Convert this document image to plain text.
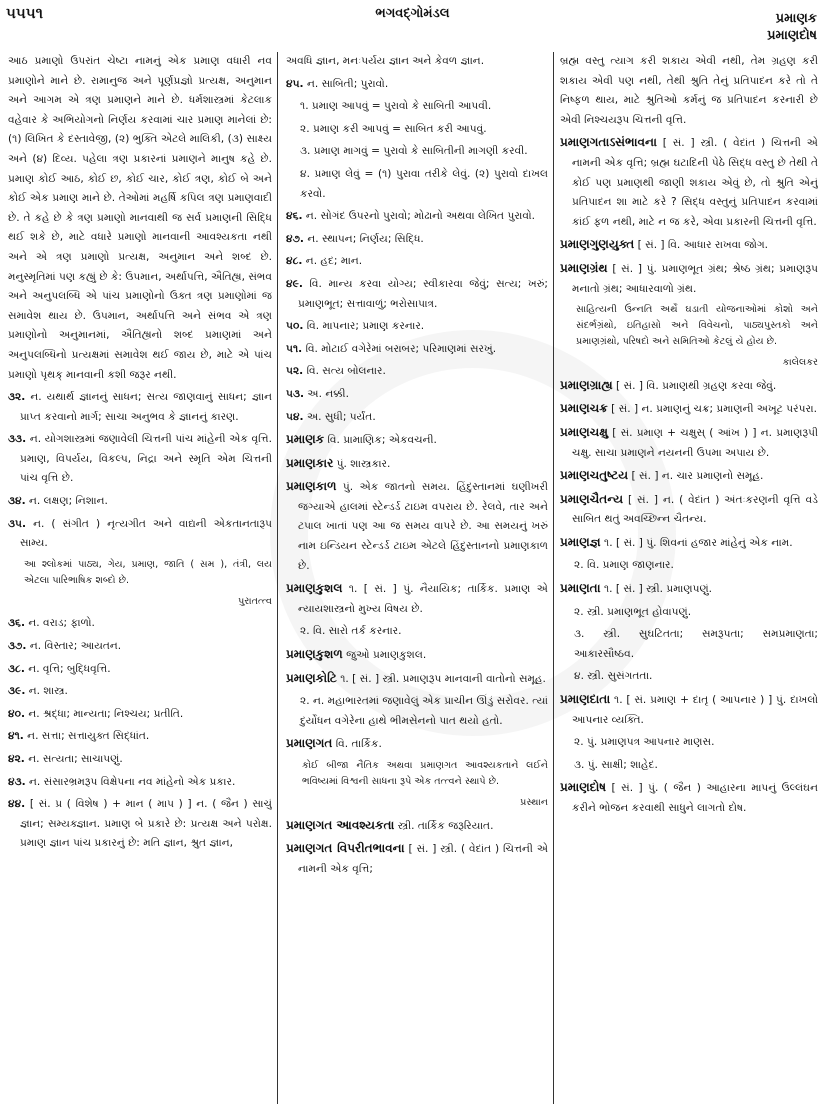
૫૫૫૧	ભગવદ્ગોમંડલ	પ્રમાણક
પ્રમાણદોષ

આઠ પ્રમાણો ઉપરાંત ચેષ્ટા નામનું એક પ્રમાણ વધારી નવ પ્રમાણોને માને છે. રામાનુજ અને પૂર્ણપ્રજ્ઞો પ્રત્યક્ષ, અનુમાન અને આગમ એ ત્રણ પ્રમાણને માને છે. ધર્મશાસ્ત્રમાં કેટલાક વહેવાર કે અભિયોગનો નિર્ણય કરવામાં ચાર પ્રમાણ માનેલાં છે: (૧) લિખિત કે દસ્તાવેજી, (૨) ભુક્તિ એટલે માલિકી, (૩) સાક્ષ્ય અને (૪) દિવ્ય. પહેલા ત્રણ પ્રકારનાં પ્રમાણને માનુષ કહે છે. પ્રમાણ કોઈ આઠ, કોઈ છ, કોઈ ચાર, કોઈ ત્રણ, કોઈ બે અને કોઈ એક પ્રમાણ માને છે. તેઓમાં મહર્ષિ કપિલ ત્રણ પ્રમાણવાદી છે. તે કહે છે કે ત્રણ પ્રમાણો માનવાથી જ સર્વ પ્રમાણની સિદ્ધિ થઈ શકે છે, માટે વધારે પ્રમાણો માનવાની આવશ્યકતા નથી અને એ ત્રણ પ્રમાણો પ્રત્યક્ષ, અનુમાન અને શબ્દ છે. મનુસ્મૃતિમાં પણ કહ્યું છે કે: ઉપમાન, અર્થાપત્તિ, ઐતિહ્ય, સંભવ અને અનુપલબ્ધિ એ પાંચ પ્રમાણોનો ઉક્ત ત્રણ પ્રમાણોમાં જ સમાવેશ થાય છે. ઉપમાન, અર્થાપત્તિ અને સંભવ એ ત્રણ પ્રમાણોનો અનુમાનમાં, ઐતિહ્યનો શબ્દ પ્રમાણમાં અને અનુપલબ્ધિનો પ્રત્યક્ષમાં સમાવેશ થઈ જાય છે, માટે એ પાંચ પ્રમાણો પૃથક્ માનવાની કશી જરૂર નથી.

૩૨. ન. યથાર્થ જ્ઞાનનું સાધન; સત્ય જાણવાનું સાધન; જ્ઞાન પ્રાપ્ત કરવાનો માર્ગ; સાચા અનુભવ કે જ્ઞાનનું કારણ.

૩૩. ન. યોગશાસ્ત્રમાં જણાવેલી ચિત્તની પાંચ માંહેની એક વૃત્તિ. પ્રમાણ, વિપર્યય, વિકલ્પ, નિદ્રા અને સ્મૃતિ એમ ચિત્તની પાંચ વૃત્તિ છે.

૩૪. ન. લક્ષણ; નિશાન.

૩૫. ન. ( સંગીત ) નૃત્યગીત અને વાદ્યની એકતાનતારૂપ સામ્ય.

આ શ્લોકમાં પાઠ્ય, ગેય, પ્રમાણ, જાતિ ( સમ ), તંત્રી, લય એટલા પારિભાષિક શબ્દો છે.

પુરાતત્ત્વ

૩૬. ન. વરાડ; ફાળો.

૩૭. ન. વિસ્તાર; આયતન.

૩૮. ન. વૃત્તિ; બુદ્ધિવૃત્તિ.

૩૯. ન. શાસ્ત્ર.

૪૦. ન. શ્રદ્ધા; માન્યતા; નિશ્ચય; પ્રતીતિ.

૪૧. ન. સત્તા; સત્તાયુક્ત સિદ્ધાંત.

૪૨. ન. સત્યતા; સાચાપણું.

૪૩. ન. સંસારભ્રમરૂપ વિક્ષેપના નવ માંહેનો એક પ્રકાર.

૪૪. [ સં. પ્ર ( વિશેષ ) + માન ( માપ ) ] ન. ( જૈન ) સાચું જ્ઞાન; સમ્યક્જ્ઞાન. પ્રમાણ બે પ્રકારે છે: પ્રત્યક્ષ અને પરોક્ષ. પ્રમાણ જ્ઞાન પાંચ પ્રકારનું છે: મતિ જ્ઞાન, શ્રુત જ્ઞાન,

અવધિ જ્ઞાન, મનઃપર્યય જ્ઞાન અને કેવળ જ્ઞાન.

૪૫. ન. સાબિતી; પુરાવો.

૧. પ્રમાણ આપવું = પુરાવો કે સાબિતી આપવી.

૨. પ્રમાણ કરી આપવું = સાબિત કરી આપવું.

૩. પ્રમાણ માગવું = પુરાવો કે સાબિતીની માગણી કરવી.

૪. પ્રમાણ લેવું = (૧) પુરાવા તરીકે લેવું. (૨) પુરાવો દાખલ કરવો.

૪૬. ન. સોગંદ ઉપરનો પુરાવો; મોઢાનો અથવા લેખિત પુરાવો.

૪૭. ન. સ્થાપન; નિર્ણય; સિદ્ધિ.

૪૮. ન. હદ; માન.

૪૯. વિ. માન્ય કરવા યોગ્ય; સ્વીકારવા જેવું; સત્ય; ખરું; પ્રમાણભૂત; સત્તાવાળું; ભરોસાપાત્ર.

૫૦. વિ. માપનાર; પ્રમાણ કરનાર.

૫૧. વિ. મોટાઈ વગેરેમાં બરાબર; પરિમાણમાં સરખું.

૫૨. વિ. સત્ય બોલનાર.

૫૩. અ. નક્કી.

૫૪. અ. સુધી; પર્યંત.

પ્રમાણક વિ. પ્રામાણિક; એકવચની.

પ્રમાણકાર પું. શાસ્ત્રકાર.

પ્રમાણકાળ પું. એક જાતનો સમય. હિંદુસ્તાનમાં ઘણીખરી જગ્યાએ હાલમાં સ્ટેન્ડર્ડ ટાઇમ વપરાય છે. રેલવે, તાર અને ટપાલ ખાતાં પણ આ જ સમય વાપરે છે. આ સમયનું ખરું નામ ઇન્ડિયન સ્ટેન્ડર્ડ ટાઇમ એટલે હિંદુસ્તાનનો પ્રમાણકાળ છે.

પ્રમાણકુશલ ૧. [ સં. ] પું. નૈયાયિક; તાર્કિક. પ્રમાણ એ ન્યાયશાસ્ત્રનો મુખ્ય વિષય છે.

૨. વિ. સારો તર્ક કરનાર.

પ્રમાણકુશળ જુઓ પ્રમાણકુશલ.

પ્રમાણકોટિ ૧. [ સં. ] સ્ત્રી. પ્રમાણરૂપ માનવાની વાતોનો સમૂહ.

૨. ન. મહાભારતમાં જણાવેલું એક પ્રાચીન ઊંડું સરોવર. ત્યાં દુર્યોધન વગેરેના હાથે ભીમસેનનો પાત થયો હતો.

પ્રમાણગત વિ. તાર્કિક.

કોઈ બીજા નૈતિક અથવા પ્રમાણગત આવશ્યકતાને લઈને ભવિષ્યમાં વિશ્વની સાધના રૂપે એક તત્ત્વને સ્થાપે છે.

પ્રસ્થાન

પ્રમાણગત આવશ્યકતા સ્ત્રી. તાર્કિક જરૂરિયાત.

પ્રમાણગત વિપરીતભાવના [ સં. ] સ્ત્રી. ( વેદાંત ) ચિત્તની એ નામની એક વૃત્તિ;

બ્રહ્મ વસ્તુ ત્યાગ કરી શકાય એવી નથી, તેમ ગ્રહણ કરી શકાય એવી પણ નથી, તેથી શ્રુતિ તેનું પ્રતિપાદન કરે તો તે નિષ્ફળ થાય, માટે શ્રુતિઓ કર્મનું જ પ્રતિપાદન કરનારી છે એવી નિશ્ચયરૂપ ચિત્તની વૃત્તિ.

પ્રમાણગતાઽસંભાવના [ સં. ] સ્ત્રી. ( વેદાંત ) ચિત્તની એ નામની એક વૃત્તિ; બ્રહ્મ ઘટાદિની પેઠે સિદ્ધ વસ્તુ છે તેથી તે કોઈ પણ પ્રમાણથી જાણી શકાય એવું છે, તો શ્રુતિ એનું પ્રતિપાદન શા માટે કરે ? સિદ્ધ વસ્તુનું પ્રતિપાદન કરવામાં કાંઈ ફળ નથી, માટે ન જ કરે, એવા પ્રકારની ચિત્તની વૃત્તિ.

પ્રમાણગુણયુક્ત [ સં. ] વિ. આધાર રાખવા જોગ.

પ્રમાણગ્રંથ [ સં. ] પું. પ્રમાણભૂત ગ્રંથ; શ્રેષ્ઠ ગ્રંથ; પ્રમાણરૂપ મનાતો ગ્રંથ; આધારવાળો ગ્રંથ.

સાહિત્યની ઉન્નતિ અર્થે ઘડાતી યોજનાઓમાં કોશો અને સંદર્ભગ્રંથો, ઇતિહાસો અને વિવેચનો, પાઠ્યપુસ્તકો અને પ્રમાણગ્રંથો, પરિષદો અને સમિતિઓ કેટલું યે હોય છે.

કાલેલકર

પ્રમાણગ્રાહ્ય [ સં. ] વિ. પ્રમાણથી ગ્રહણ કરવા જેવું.

પ્રમાણચક્ર [ સં. ] ન. પ્રમાણનું ચક્ર; પ્રમાણની અખૂટ પરંપરા.

પ્રમાણચક્ષુ [ સં. પ્રમાણ + ચક્ષુસ્ ( આંખ ) ] ન. પ્રમાણરૂપી ચક્ષુ. સાચા પ્રમાણને નયનની ઉપમા અપાય છે.

પ્રમાણચતુષ્ટય [ સં. ] ન. ચાર પ્રમાણનો સમૂહ.

પ્રમાણચૈતન્ય [ સં. ] ન. ( વેદાંત ) અંતઃકરણની વૃત્તિ વડે સાબિત થતું અવચ્છિન્ન ચૈતન્ય.

પ્રમાણજ્ઞ ૧. [ સં. ] પું. શિવનાં હજાર માંહેનું એક નામ.

૨. વિ. પ્રમાણ જાણનાર.

પ્રમાણતા ૧. [ સં. ] સ્ત્રી. પ્રમાણપણું.

૨. સ્ત્રી. પ્રમાણભૂત હોવાપણું.

૩. સ્ત્રી. સુઘટિતતા; સમરૂપતા; સમપ્રમાણતા; આકારસૌષ્ઠવ.

૪. સ્ત્રી. સુસંગતતા.

પ્રમાણદાતા ૧. [ સં. પ્રમાણ + દાતૃ ( આપનાર ) ] પું. દાખલો આપનાર વ્યક્તિ.

૨. પું. પ્રમાણપત્ર આપનાર માણસ.

૩. પું. સાક્ષી; શાહેદ.

પ્રમાણદોષ [ સં. ] પું. ( જૈન ) આહારના માપનું ઉલ્લંઘન કરીને ભોજન કરવાથી સાધુને લાગતો દોષ.
